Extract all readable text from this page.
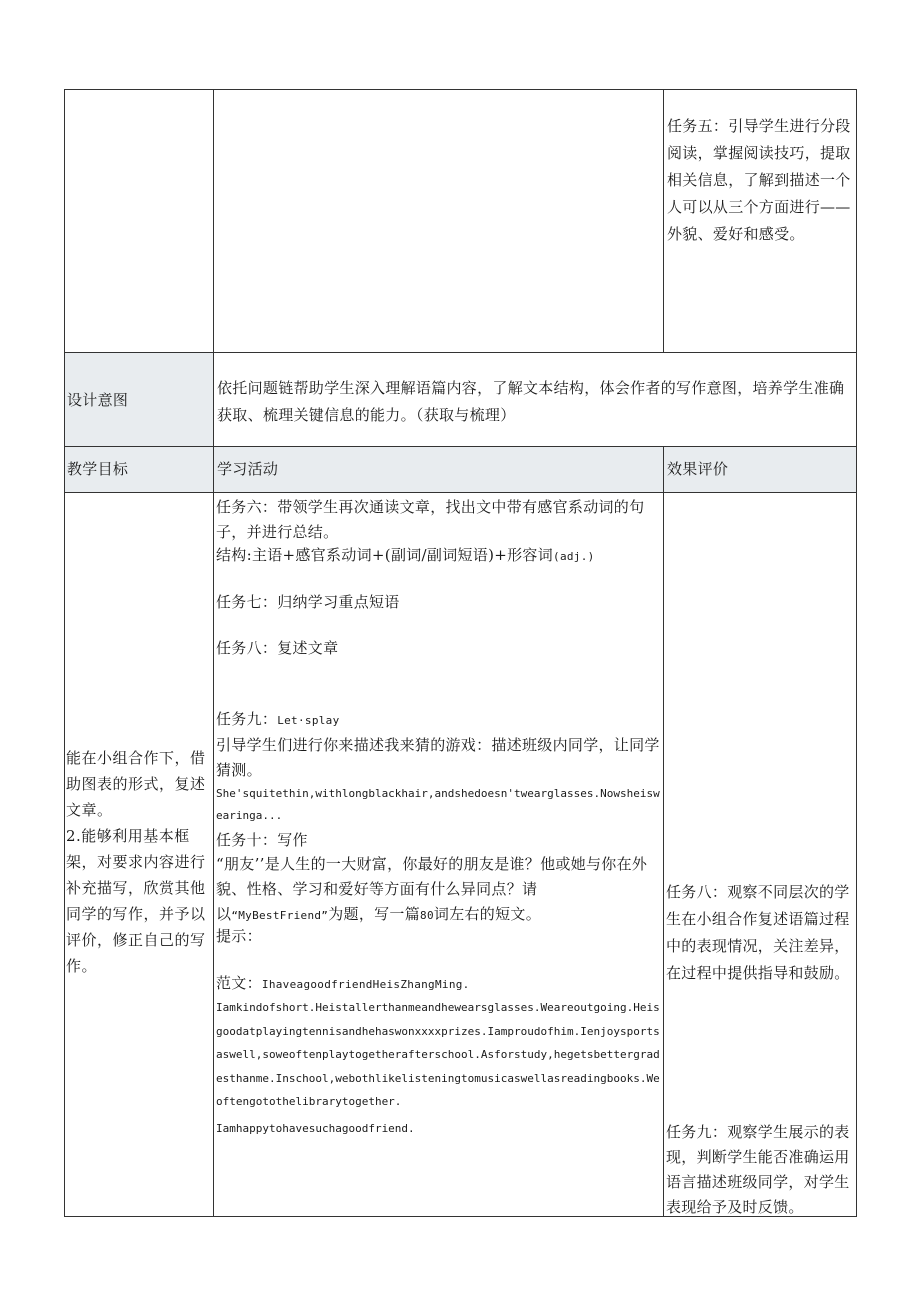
任务五：引导学生进行分段阅读，掌握阅读技巧，提取相关信息，了解到描述一个人可以从三个方面进行——外貌、爱好和感受。
设计意图
依托问题链帮助学生深入理解语篇内容，了解文本结构，体会作者的写作意图，培养学生准确获取、梳理关键信息的能力。（获取与梳理）
教学目标	学习活动	效果评价
能在小组合作下，借助图表的形式，复述文章。
2.能够利用基本框架，对要求内容进行补充描写，欣赏其他同学的写作，并予以评价，修正自己的写作。
任务六：带领学生再次通读文章，找出文中带有感官系动词的句子，并进行总结。
结构:主语+感官系动词+(副词/副词短语)+形容词(adj.)
任务七：归纳学习重点短语
任务八：复述文章
任务九：Let·splay
引导学生们进行你来描述我来猜的游戏：描述班级内同学，让同学猜测。
She'squitethin,withlongblackhair,andshedoesn'twearglasses.Nowsheiswearinga...
任务十：写作
“朋友’’是人生的一大财富，你最好的朋友是谁？他或她与你在外貌、性格、学习和爱好等方面有什么异同点？请以“MyBestFriend”为题，写一篇80词左右的短文。
提示：
范文：IhaveagoodfriendHeisZhangMing.
Iamkindofshort.Heistallerthanmeandhewearsglasses.Weareoutgoing.Heisgoodatplayingtennisandhehaswonxxxxprizes.Iamproudofhim.Ienjoysportsaswell,soweoftenplaytogetherafterschool.Asforstudy,hegetsbettergradesthanme.Inschool,webothlikelisteningtomusicaswellasreadingbooks.Weoftengotothelibrarytogether.
Iamhappytohavesuchagoodfriend.
任务八：观察不同层次的学生在小组合作复述语篇过程中的表现情况，关注差异，在过程中提供指导和鼓励。
任务九：观察学生展示的表现，判断学生能否准确运用语言描述班级同学，对学生表现给予及时反馈。
